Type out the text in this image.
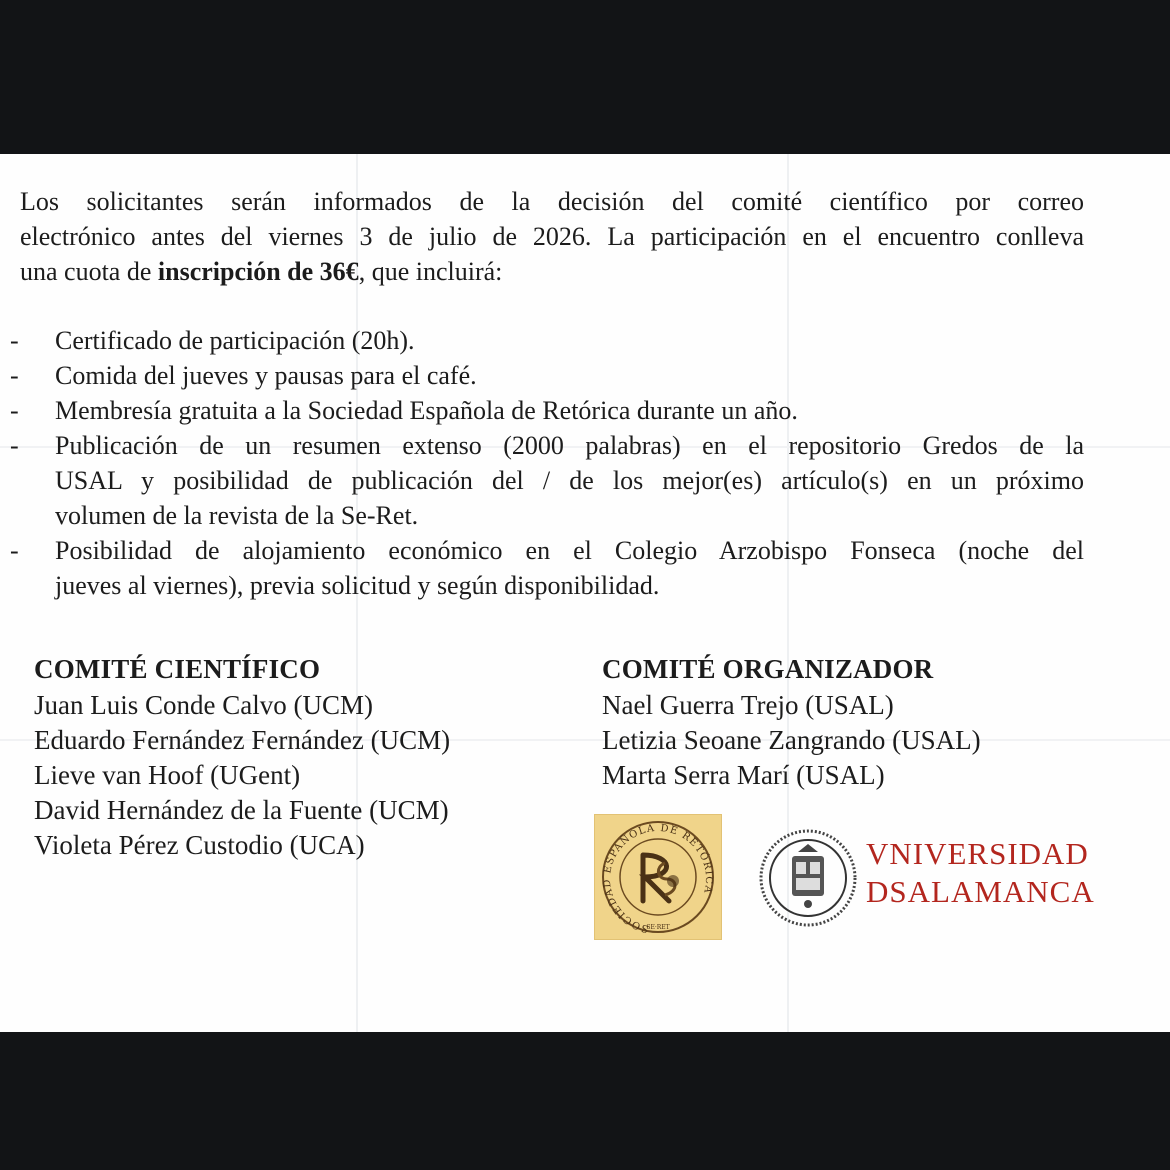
Los solicitantes serán informados de la decisión del comité científico por correo
electrónico antes del viernes 3 de julio de 2026. La participación en el encuentro conlleva
una cuota de inscripción de 36€, que incluirá:

- Certificado de participación (20h).
- Comida del jueves y pausas para el café.
- Membresía gratuita a la Sociedad Española de Retórica durante un año.
- Publicación de un resumen extenso (2000 palabras) en el repositorio Gredos de la
USAL y posibilidad de publicación del / de los mejor(es) artículo(s) en un próximo
volumen de la revista de la Se-Ret.
- Posibilidad de alojamiento económico en el Colegio Arzobispo Fonseca (noche del
jueves al viernes), previa solicitud y según disponibilidad.

COMITÉ CIENTÍFICO

Juan Luis Conde Calvo (UCM)
Eduardo Fernández Fernández (UCM)
Lieve van Hoof (UGent)
David Hernández de la Fuente (UCM)
Violeta Pérez Custodio (UCA)

COMITÉ ORGANIZADOR

Nael Guerra Trejo (USAL)
Letizia Seoane Zangrando (USAL)
Marta Serra Marí (USAL)
SOCIEDAD ESPAÑOLA DE RETÓRICA
SE·RET
VNIVERSIDAD
DSALAMANCA
